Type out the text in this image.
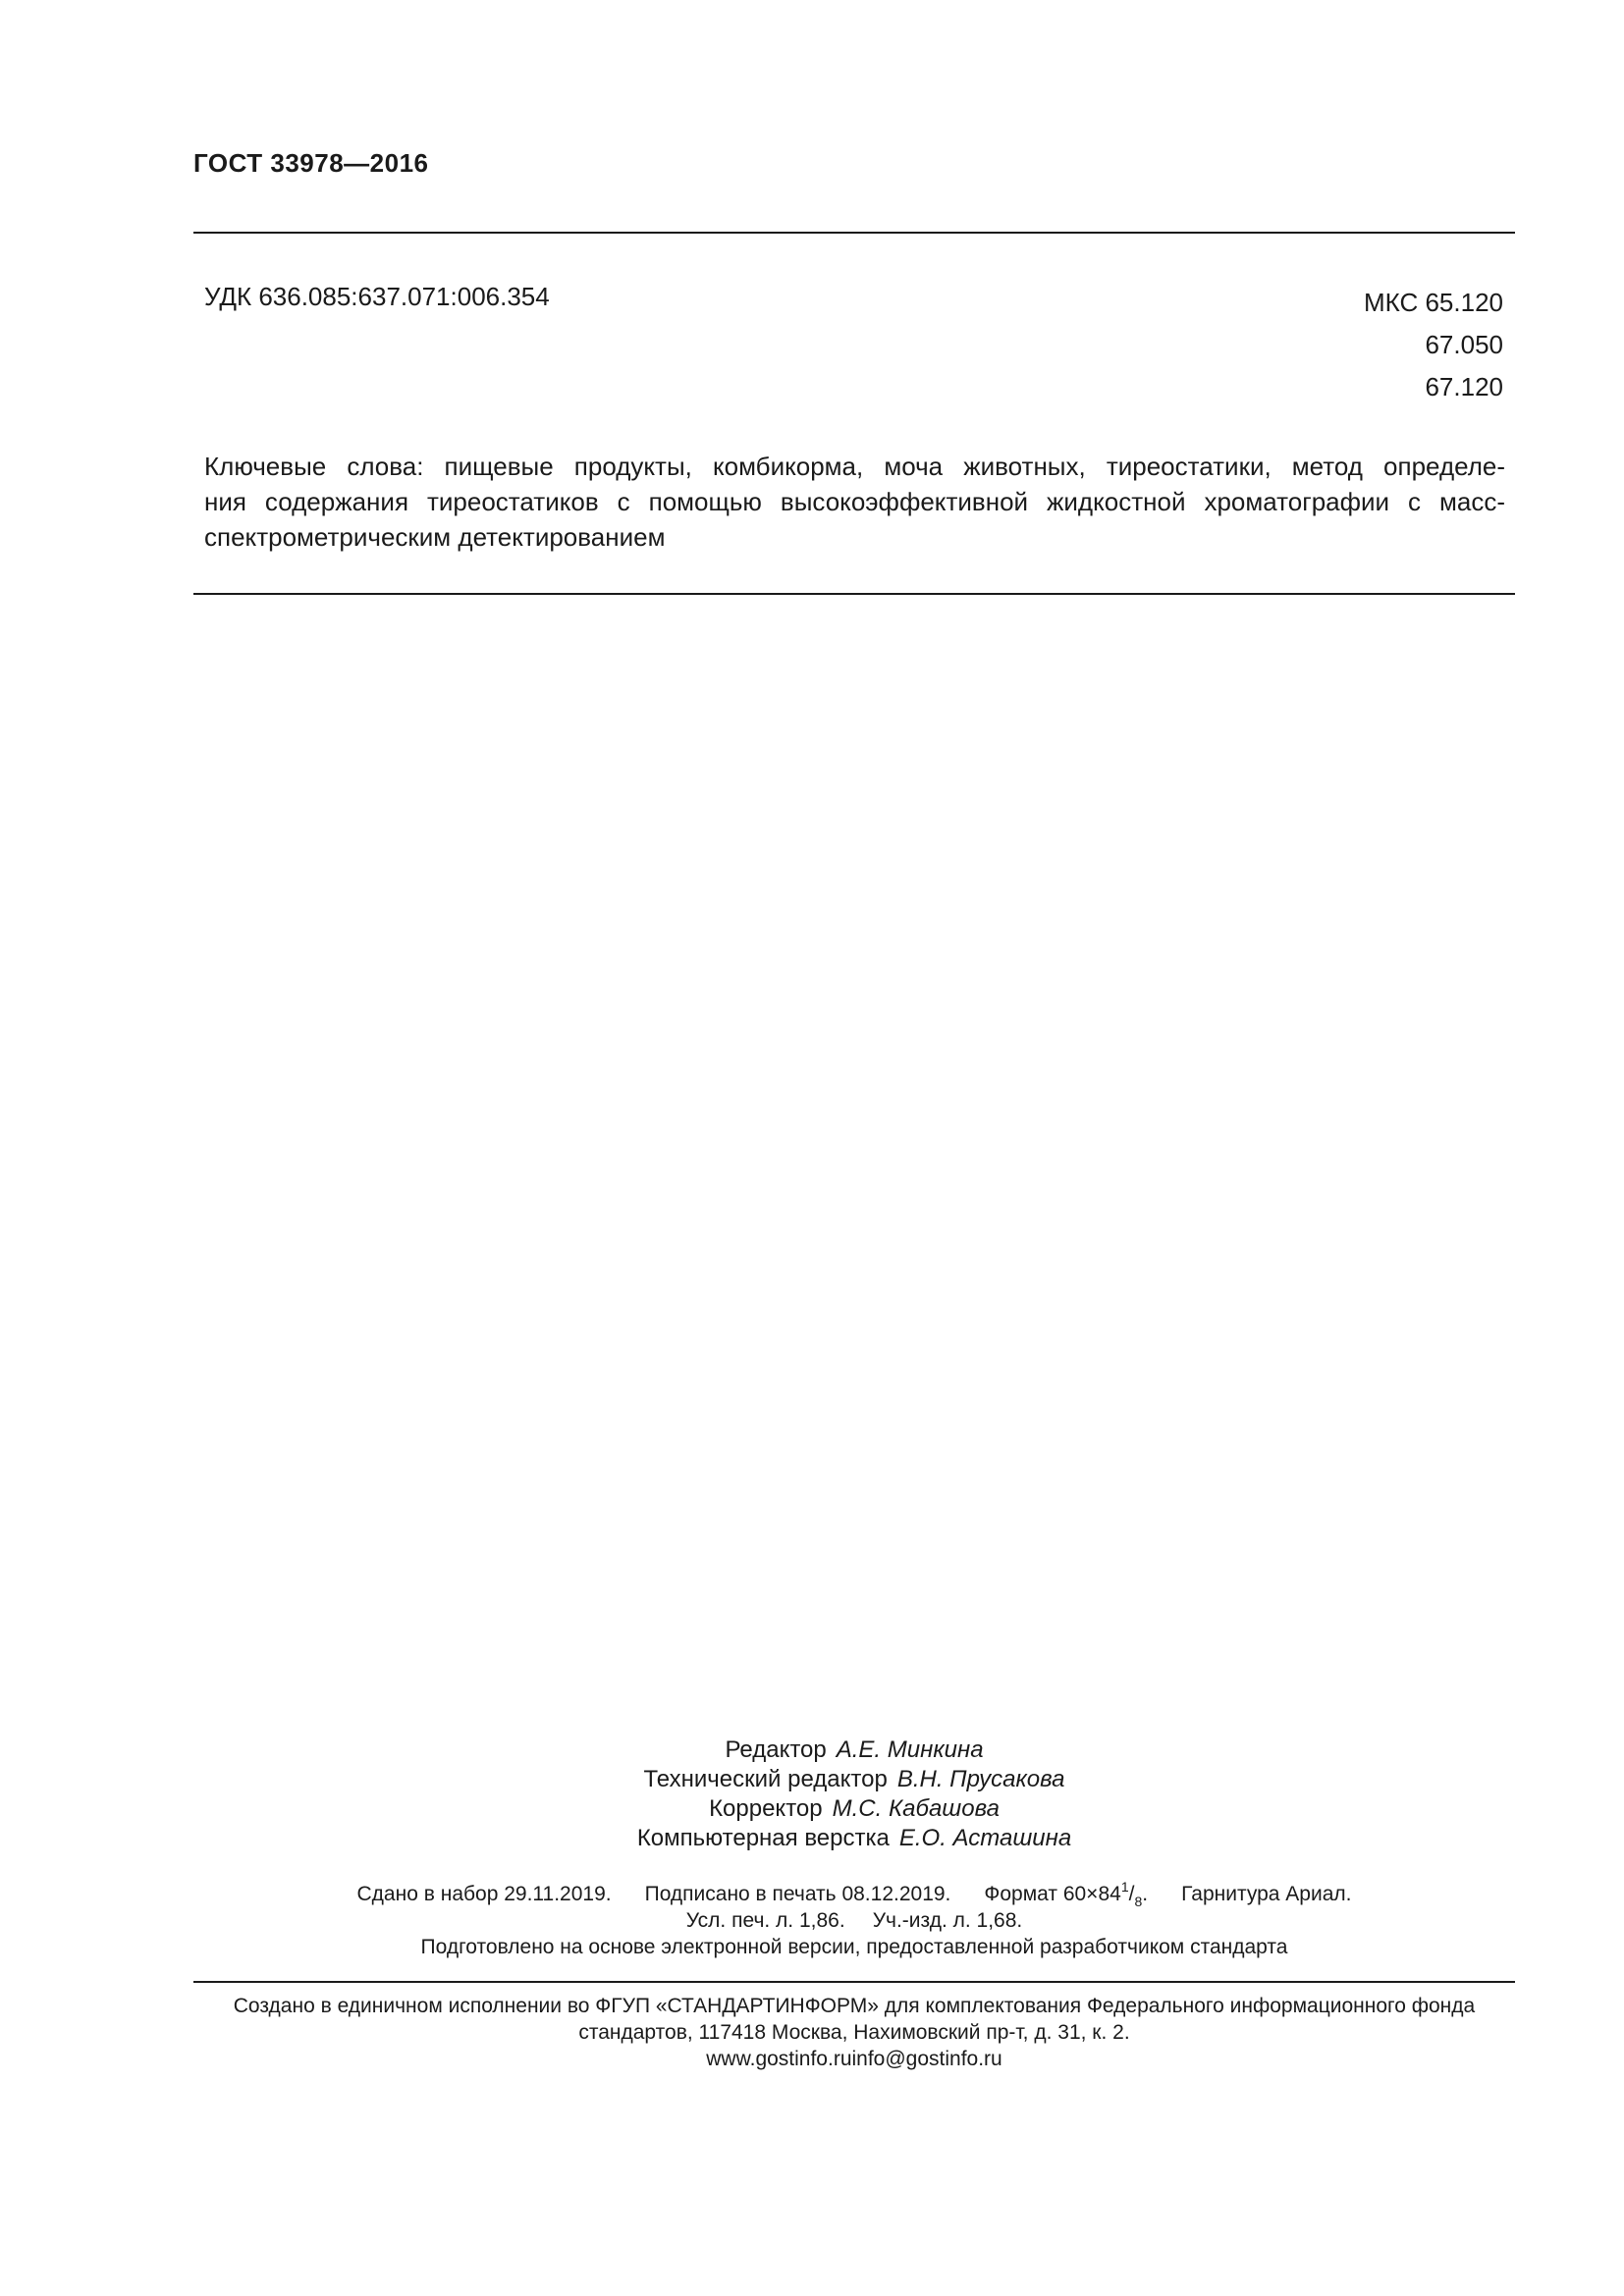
ГОСТ 33978—2016
УДК 636.085:637.071:006.354	МКС 65.120
67.050
67.120
Ключевые слова: пищевые продукты, комбикорма, моча животных, тиреостатики, метод определе-
ния содержания тиреостатиков с помощью высокоэффективной жидкостной хроматографии с масс-
спектрометрическим детектированием
Редактор А.Е. Минкина
Технический редактор В.Н. Прусакова
Корректор М.С. Кабашова
Компьютерная верстка Е.О. Асташина
Сдано в набор 29.11.2019. Подписано в печать 08.12.2019. Формат $60\times 84^1/_8$. Гарнитура Ариал.
Усл. печ. л. 1,86. Уч.-изд. л. 1,68.
Подготовлено на основе электронной версии, предоставленной разработчиком стандарта
Создано в единичном исполнении во ФГУП «СТАНДАРТИНФОРМ» для комплектования Федерального информационного фонда
стандартов, 117418 Москва, Нахимовский пр-т, д. 31, к. 2.
www.gostinfo.ruinfo@gostinfo.ru
